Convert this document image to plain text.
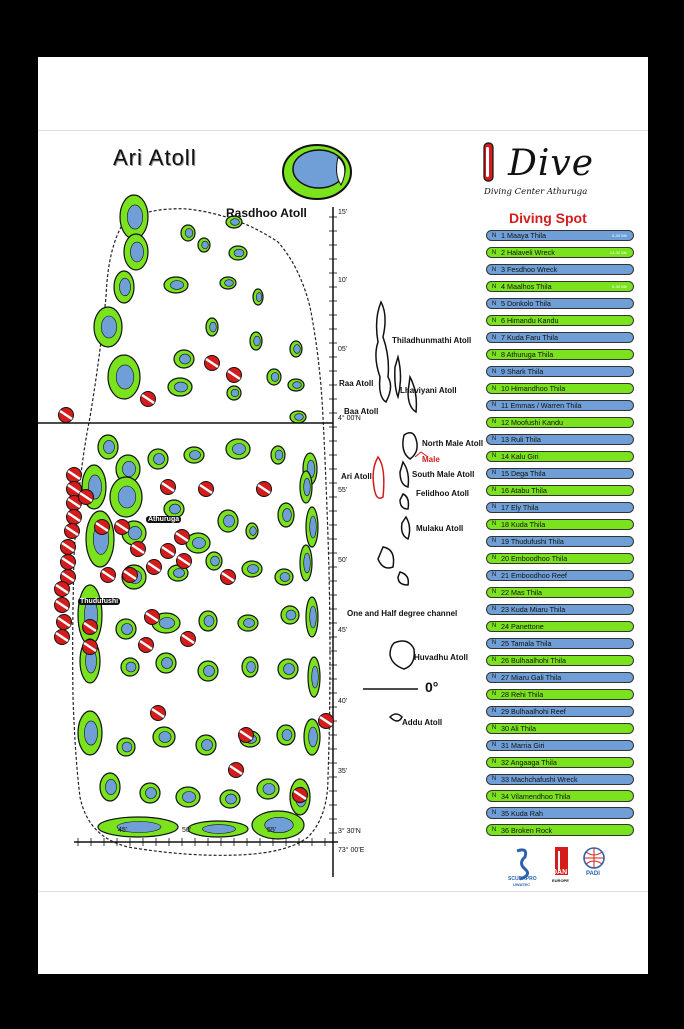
Ari Atoll
Rasdhoo Atoll
Thiladhunmathi Atoll
Raa Atoll
Lhaviyani Atoll
Baa Atoll
North Male Atoll
Male
Ari Atoll	South Male Atoll
Felidhoo Atoll
Mulaku Atoll
One and Half degree channel
Huvadhu Atoll
0°
Addu Atoll
Athuruga
Thudufushi
15'
10'
05'
4° 00'N
55'
50'
45'
40'
35'
3° 30'N
45'	50'	55'
73° 00'E
Dive
Diving Center Athuruga
Diving Spot
N 1 Maaya Thila	6-30 Mtr
N 2 Halaveli Wreck	14-30 Mtr
N 3 Fesdhoo Wreck
N 4 Maalhos Thila	6-30 Mtr
N 5 Donkolo Thila
N 6 Himandu Kandu
N 7 Kuda Faru Thila
N 8 Athuruga Thila
N 9 Shark Thila
N 10 Himandhoo Thila
N 11 Emmas / Warren Thila
N 12 Moofushi Kandu
N 13 Ruli Thila
N 14 Kalu Giri
N 15 Dega Thila
N 16 Atabu Thila
N 17 Ely Thila
N 18 Kuda Thila
N 19 Thudufushi Thila
N 20 Emboodhoo Thila
N 21 Emboodhoo Reef
N 22 Mas Thila
N 23 Kuda Miaru Thila
N 24 Panettone
N 25 Tamala Thila
N 26 Bulhaalhohi Thila
N 27 Miaru Gali Thila
N 28 Rehi Thila
N 29 Bulhaalhohi Reef
N 30 Ali Thila
N 31 Marria Giri
N 32 Angaaga Thila
N 33 Machchafushi Wreck
N 34 Vilamendhoo Thila
N 35 Kuda Rah
N 36 Broken Rock
SCUBAPRO
UWATEC
DAN
EUROPE
PADI
